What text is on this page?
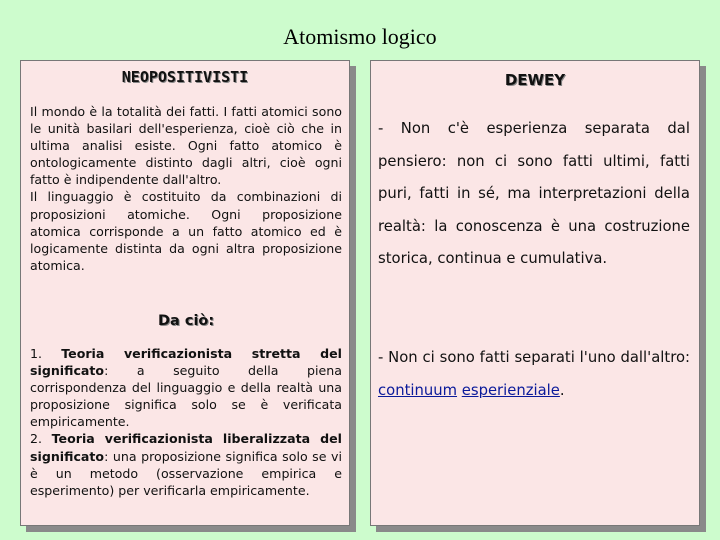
Atomismo logico
NEOPOSITIVISTI

Il mondo è la totalità dei fatti. I fatti atomici sono le unità basilari dell'esperienza, cioè ciò che in ultima analisi esiste. Ogni fatto atomico è ontologicamente distinto dagli altri, cioè ogni fatto è indipendente dall'altro.

Il linguaggio è costituito da combinazioni di proposizioni atomiche. Ogni proposizione atomica corrisponde a un fatto atomico ed è logicamente distinta da ogni altra proposizione atomica.

Da ciò:

1. Teoria verificazionista stretta del significato: a seguito della piena corrispondenza del linguaggio e della realtà una proposizione significa solo se è verificata empiricamente.

2. Teoria verificazionista liberalizzata del significato: una proposizione significa solo se vi è un metodo (osservazione empirica e esperimento) per verificarla empiricamente.

DEWEY
- Non c'è esperienza separata dal pensiero: non ci sono fatti ultimi, fatti puri, fatti in sé, ma interpretazioni della realtà: la conoscenza è una costruzione storica, continua e cumulativa.
- Non ci sono fatti separati l'uno dall'altro: continuum esperienziale.
